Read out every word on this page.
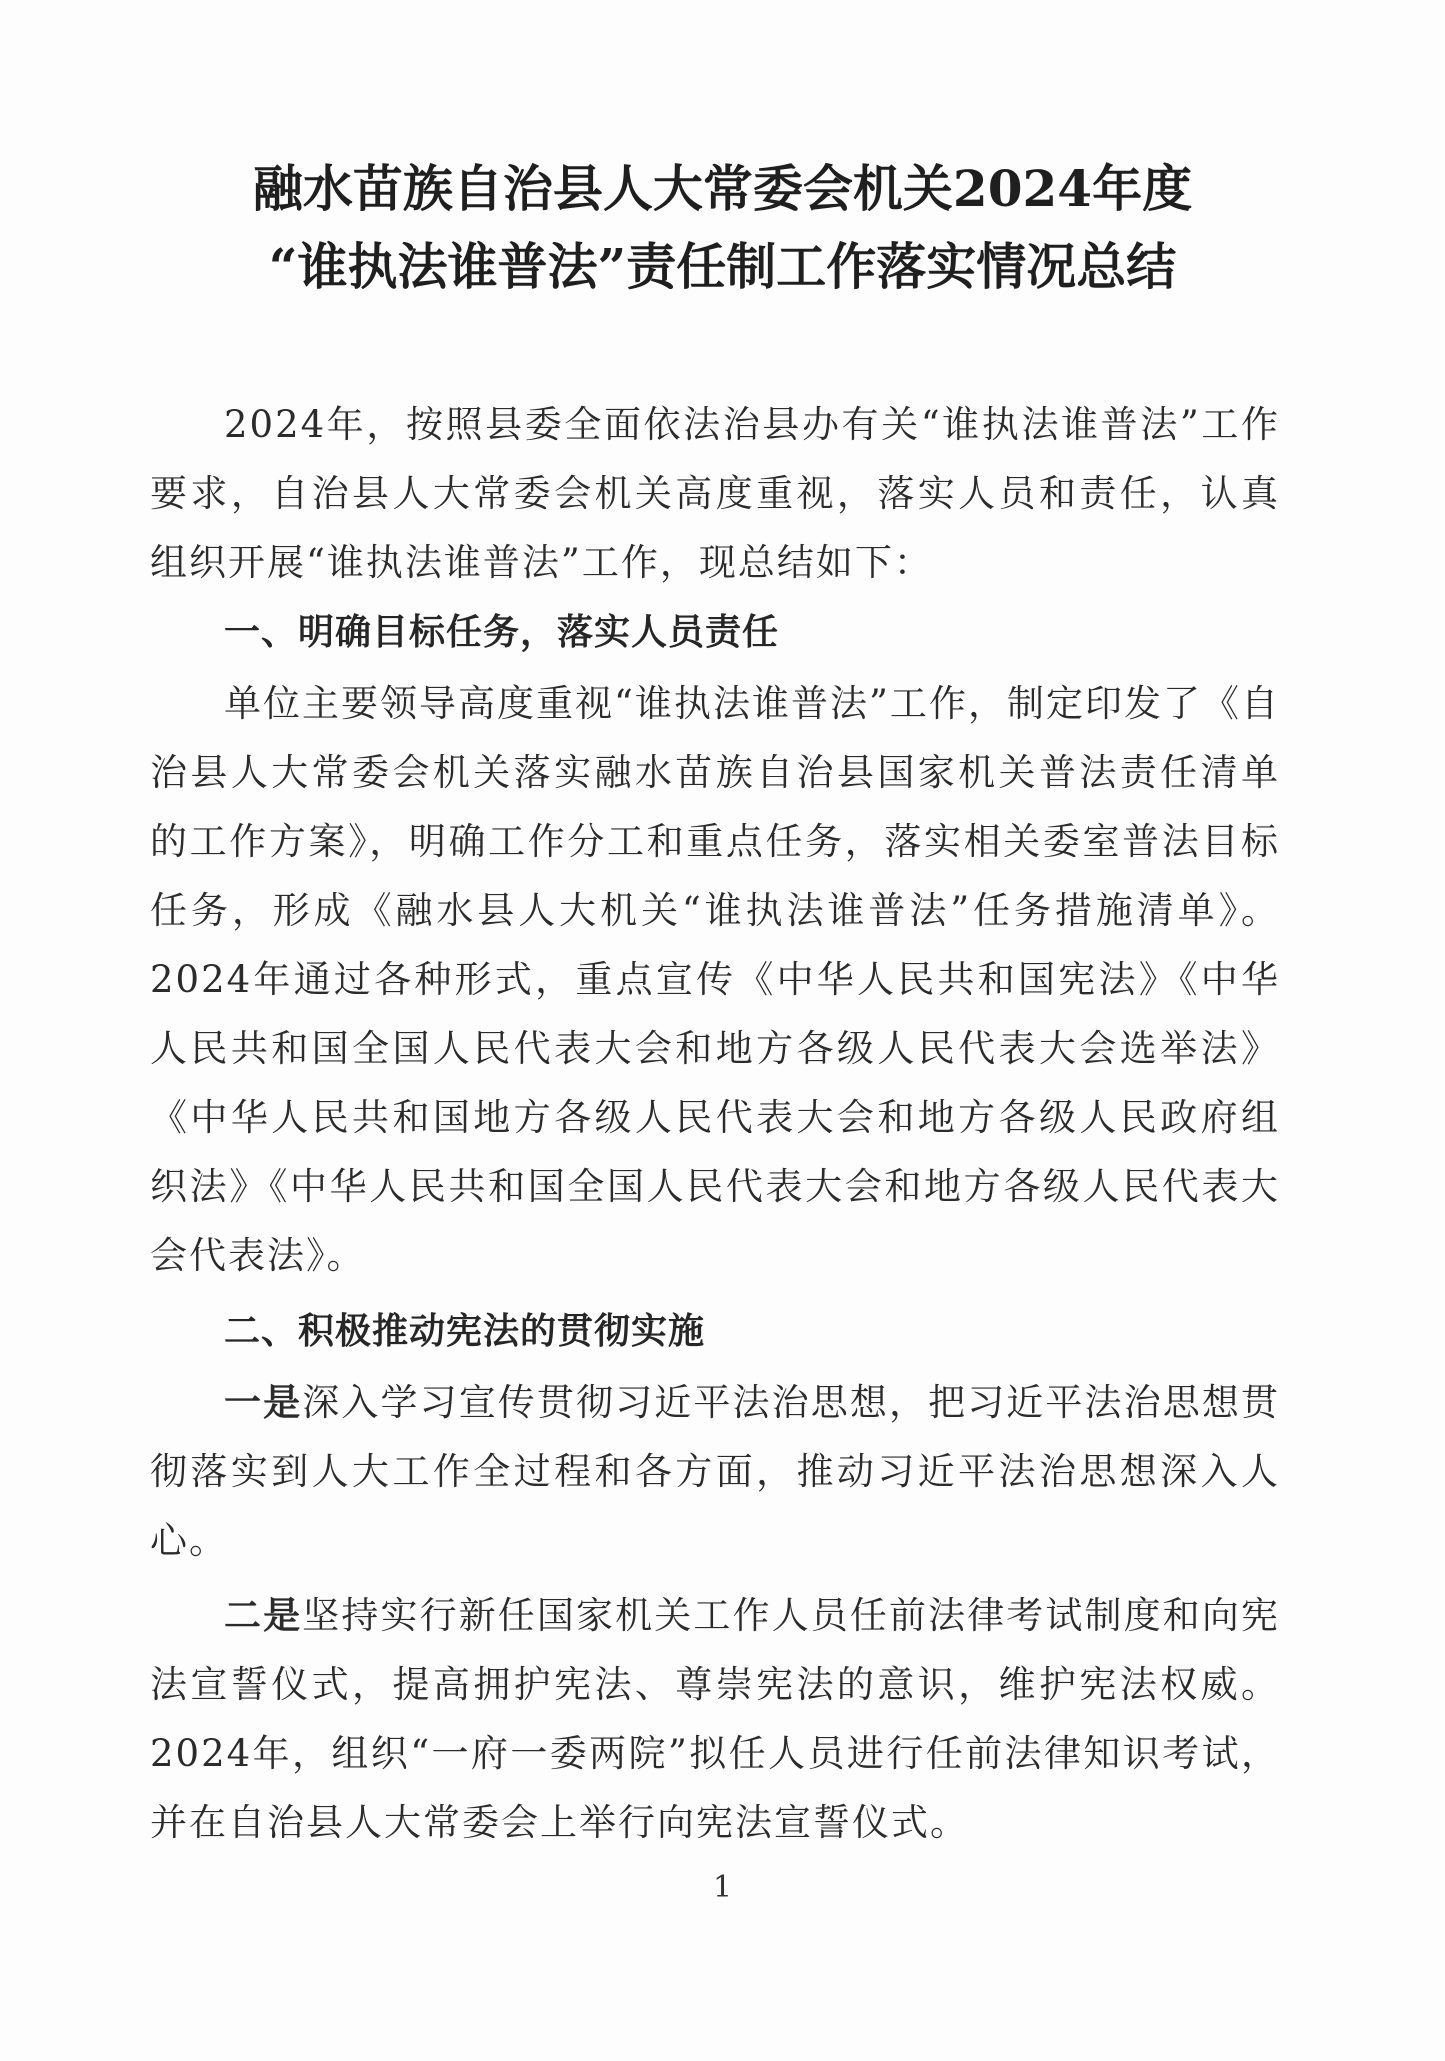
融水苗族自治县人大常委会机关2024年度
“谁执法谁普法”责任制工作落实情况总结

2024年，按照县委全面依法治县办有关“谁执法谁普法”工作要求，自治县人大常委会机关高度重视，落实人员和责任，认真组织开展“谁执法谁普法”工作，现总结如下：

一、明确目标任务，落实人员责任

单位主要领导高度重视“谁执法谁普法”工作，制定印发了《自治县人大常委会机关落实融水苗族自治县国家机关普法责任清单的工作方案》，明确工作分工和重点任务，落实相关委室普法目标任务，形成《融水县人大机关“谁执法谁普法”任务措施清单》。2024年通过各种形式，重点宣传《中华人民共和国宪法》《中华人民共和国全国人民代表大会和地方各级人民代表大会选举法》《中华人民共和国地方各级人民代表大会和地方各级人民政府组织法》《中华人民共和国全国人民代表大会和地方各级人民代表大会代表法》。

二、积极推动宪法的贯彻实施

一是深入学习宣传贯彻习近平法治思想，把习近平法治思想贯彻落实到人大工作全过程和各方面，推动习近平法治思想深入人心。

二是坚持实行新任国家机关工作人员任前法律考试制度和向宪法宣誓仪式，提高拥护宪法、尊崇宪法的意识，维护宪法权威。2024年，组织“一府一委两院”拟任人员进行任前法律知识考试，并在自治县人大常委会上举行向宪法宣誓仪式。

1
